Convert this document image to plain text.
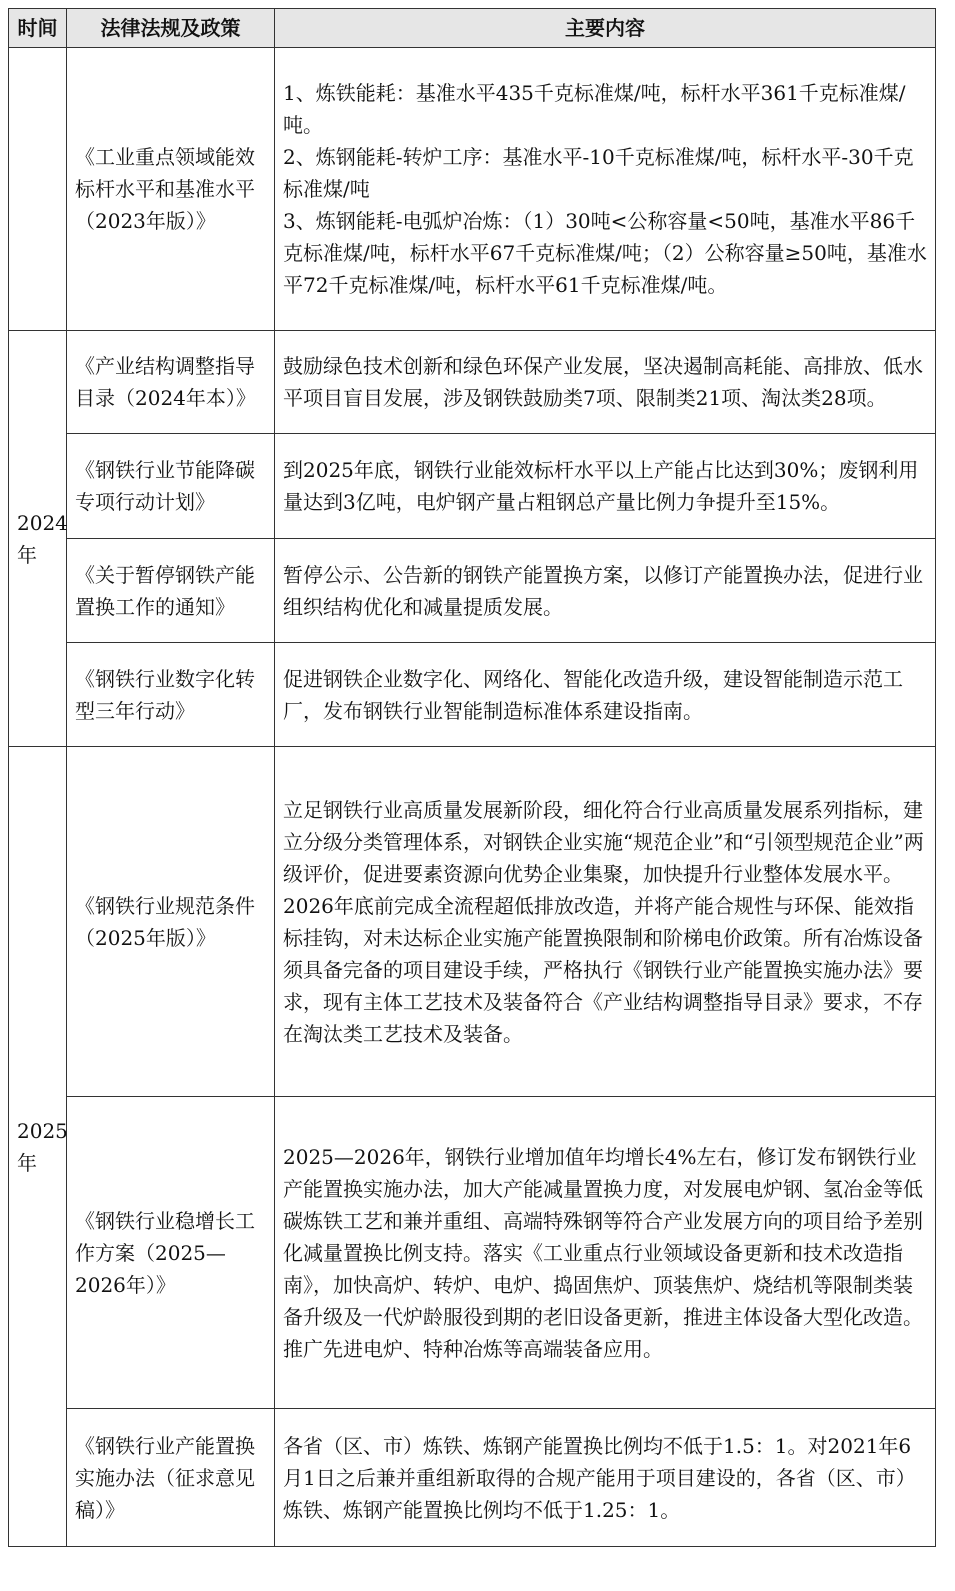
时间	法律法规及政策	主要内容
	《工业重点领域能效标杆水平和基准水平（2023年版）》	1、炼铁能耗：基准水平435千克标准煤/吨，标杆水平361千克标准煤/吨。
2、炼钢能耗-转炉工序：基准水平-10千克标准煤/吨，标杆水平-30千克标准煤/吨
3、炼钢能耗-电弧炉冶炼：（1）30吨<公称容量<50吨，基准水平86千克标准煤/吨，标杆水平67千克标准煤/吨；（2）公称容量≥50吨，基准水平72千克标准煤/吨，标杆水平61千克标准煤/吨。

2024年	《产业结构调整指导目录（2024年本）》	鼓励绿色技术创新和绿色环保产业发展，坚决遏制高耗能、高排放、低水平项目盲目发展，涉及钢铁鼓励类7项、限制类21项、淘汰类28项。
	《钢铁行业节能降碳专项行动计划》	到2025年底，钢铁行业能效标杆水平以上产能占比达到30%；废钢利用量达到3亿吨，电炉钢产量占粗钢总产量比例力争提升至15%。
	《关于暂停钢铁产能置换工作的通知》	暂停公示、公告新的钢铁产能置换方案，以修订产能置换办法，促进行业组织结构优化和减量提质发展。
	《钢铁行业数字化转型三年行动》	促进钢铁企业数字化、网络化、智能化改造升级，建设智能制造示范工厂，发布钢铁行业智能制造标准体系建设指南。
2025年	《钢铁行业规范条件（2025年版）》	立足钢铁行业高质量发展新阶段，细化符合行业高质量发展系列指标，建立分级分类管理体系，对钢铁企业实施“规范企业”和“引领型规范企业”两级评价，促进要素资源向优势企业集聚，加快提升行业整体发展水平。2026年底前完成全流程超低排放改造，并将产能合规性与环保、能效指标挂钩，对未达标企业实施产能置换限制和阶梯电价政策。所有冶炼设备须具备完备的项目建设手续，严格执行《钢铁行业产能置换实施办法》要求，现有主体工艺技术及装备符合《产业结构调整指导目录》要求，不存在淘汰类工艺技术及装备。
	《钢铁行业稳增长工作方案（2025—2026年）》	2025—2026年，钢铁行业增加值年均增长4%左右，修订发布钢铁行业产能置换实施办法，加大产能减量置换力度，对发展电炉钢、氢冶金等低碳炼铁工艺和兼并重组、高端特殊钢等符合产业发展方向的项目给予差别化减量置换比例支持。落实《工业重点行业领域设备更新和技术改造指南》，加快高炉、转炉、电炉、捣固焦炉、顶装焦炉、烧结机等限制类装备升级及一代炉龄服役到期的老旧设备更新，推进主体设备大型化改造。推广先进电炉、特种冶炼等高端装备应用。
	《钢铁行业产能置换实施办法（征求意见稿）》	各省（区、市）炼铁、炼钢产能置换比例均不低于1.5：1。对2021年6月1日之后兼并重组新取得的合规产能用于项目建设的，各省（区、市）炼铁、炼钢产能置换比例均不低于1.25：1。
